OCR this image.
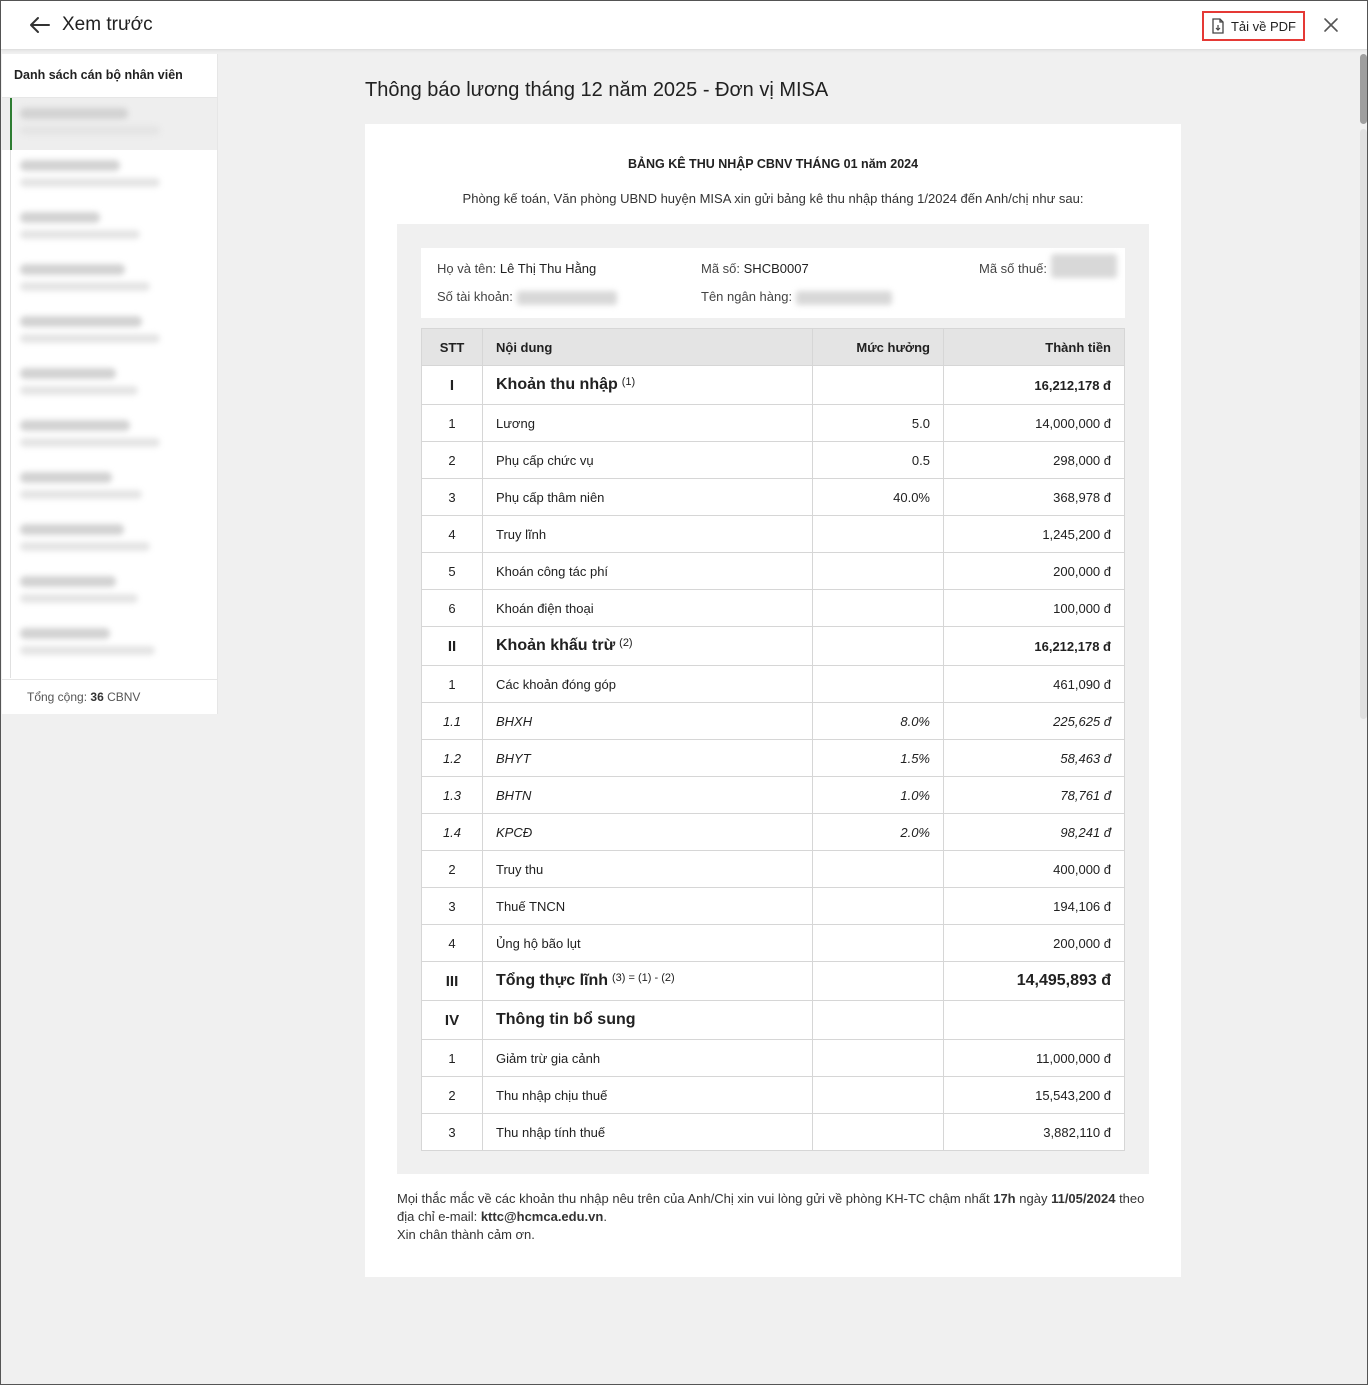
Xem trước	Tải về PDF
Danh sách cán bộ nhân viên
Tổng cộng: 36 CBNV
Thông báo lương tháng 12 năm 2025 - Đơn vị MISA
BẢNG KÊ THU NHẬP CBNV THÁNG 01 năm 2024
Phòng kế toán, Văn phòng UBND huyện MISA xin gửi bảng kê thu nhập tháng 1/2024 đến Anh/chị như sau:
Họ và tên: Lê Thị Thu Hằng	Mã số: SHCB0007	Mã số thuế:
Số tài khoản:	Tên ngân hàng:
STT	Nội dung	Mức hưởng	Thành tiền
I	Khoản thu nhập $^{(1)}$		16,212,178 đ
1	Lương	5.0	14,000,000 đ
2	Phụ cấp chức vụ	0.5	298,000 đ
3	Phụ cấp thâm niên	40.0%	368,978 đ
4	Truy lĩnh		1,245,200 đ
5	Khoán công tác phí		200,000 đ
6	Khoán điện thoại		100,000 đ
II	Khoản khấu trừ $^{(2)}$		16,212,178 đ
1	Các khoản đóng góp		461,090 đ
1.1	BHXH	8.0%	225,625 đ
1.2	BHYT	1.5%	58,463 đ
1.3	BHTN	1.0%	78,761 đ
1.4	KPCĐ	2.0%	98,241 đ
2	Truy thu		400,000 đ
3	Thuế TNCN		194,106 đ
4	Ủng hộ bão lụt		200,000 đ
III	Tổng thực lĩnh $^{(3) = (1) - (2)}$		14,495,893 đ
IV	Thông tin bổ sung		
1	Giảm trừ gia cảnh		11,000,000 đ
2	Thu nhập chịu thuế		15,543,200 đ
3	Thu nhập tính thuế		3,882,110 đ
Mọi thắc mắc về các khoản thu nhập nêu trên của Anh/Chị xin vui lòng gửi về phòng KH-TC chậm nhất 17h ngày 11/05/2024 theo địa chỉ e-mail: kttc@hcmca.edu.vn.
Xin chân thành cảm ơn.
